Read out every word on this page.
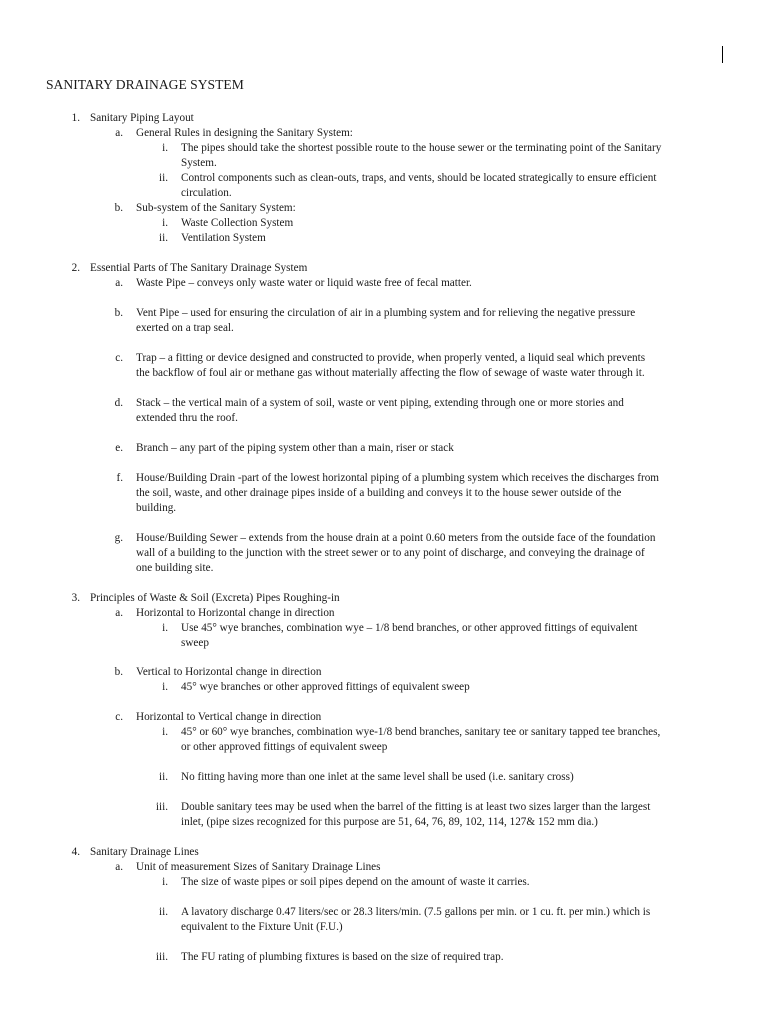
SANITARY DRAINAGE SYSTEM
1. Sanitary Piping Layout
a. General Rules in designing the Sanitary System:
i. The pipes should take the shortest possible route to the house sewer or the terminating point of the Sanitary
System.
ii. Control components such as clean-outs, traps, and vents, should be located strategically to ensure efficient
circulation.
b. Sub-system of the Sanitary System:
i. Waste Collection System
ii. Ventilation System
2. Essential Parts of The Sanitary Drainage System
a. Waste Pipe – conveys only waste water or liquid waste free of fecal matter.
b. Vent Pipe – used for ensuring the circulation of air in a plumbing system and for relieving the negative pressure
exerted on a trap seal.
c. Trap – a fitting or device designed and constructed to provide, when properly vented, a liquid seal which prevents
the backflow of foul air or methane gas without materially affecting the flow of sewage of waste water through it.
d. Stack – the vertical main of a system of soil, waste or vent piping, extending through one or more stories and
extended thru the roof.
e. Branch – any part of the piping system other than a main, riser or stack
f. House/Building Drain -part of the lowest horizontal piping of a plumbing system which receives the discharges from
the soil, waste, and other drainage pipes inside of a building and conveys it to the house sewer outside of the
building.
g. House/Building Sewer – extends from the house drain at a point 0.60 meters from the outside face of the foundation
wall of a building to the junction with the street sewer or to any point of discharge, and conveying the drainage of
one building site.
3. Principles of Waste & Soil (Excreta) Pipes Roughing-in
a. Horizontal to Horizontal change in direction
i. Use 45° wye branches, combination wye – 1/8 bend branches, or other approved fittings of equivalent
sweep
b. Vertical to Horizontal change in direction
i. 45° wye branches or other approved fittings of equivalent sweep
c. Horizontal to Vertical change in direction
i. 45° or 60° wye branches, combination wye-1/8 bend branches, sanitary tee or sanitary tapped tee branches,
or other approved fittings of equivalent sweep
ii. No fitting having more than one inlet at the same level shall be used (i.e. sanitary cross)
iii. Double sanitary tees may be used when the barrel of the fitting is at least two sizes larger than the largest
inlet, (pipe sizes recognized for this purpose are 51, 64, 76, 89, 102, 114, 127& 152 mm dia.)
4. Sanitary Drainage Lines
a. Unit of measurement Sizes of Sanitary Drainage Lines
i. The size of waste pipes or soil pipes depend on the amount of waste it carries.
ii. A lavatory discharge 0.47 liters/sec or 28.3 liters/min. (7.5 gallons per min. or 1 cu. ft. per min.) which is
equivalent to the Fixture Unit (F.U.)
iii. The FU rating of plumbing fixtures is based on the size of required trap.
